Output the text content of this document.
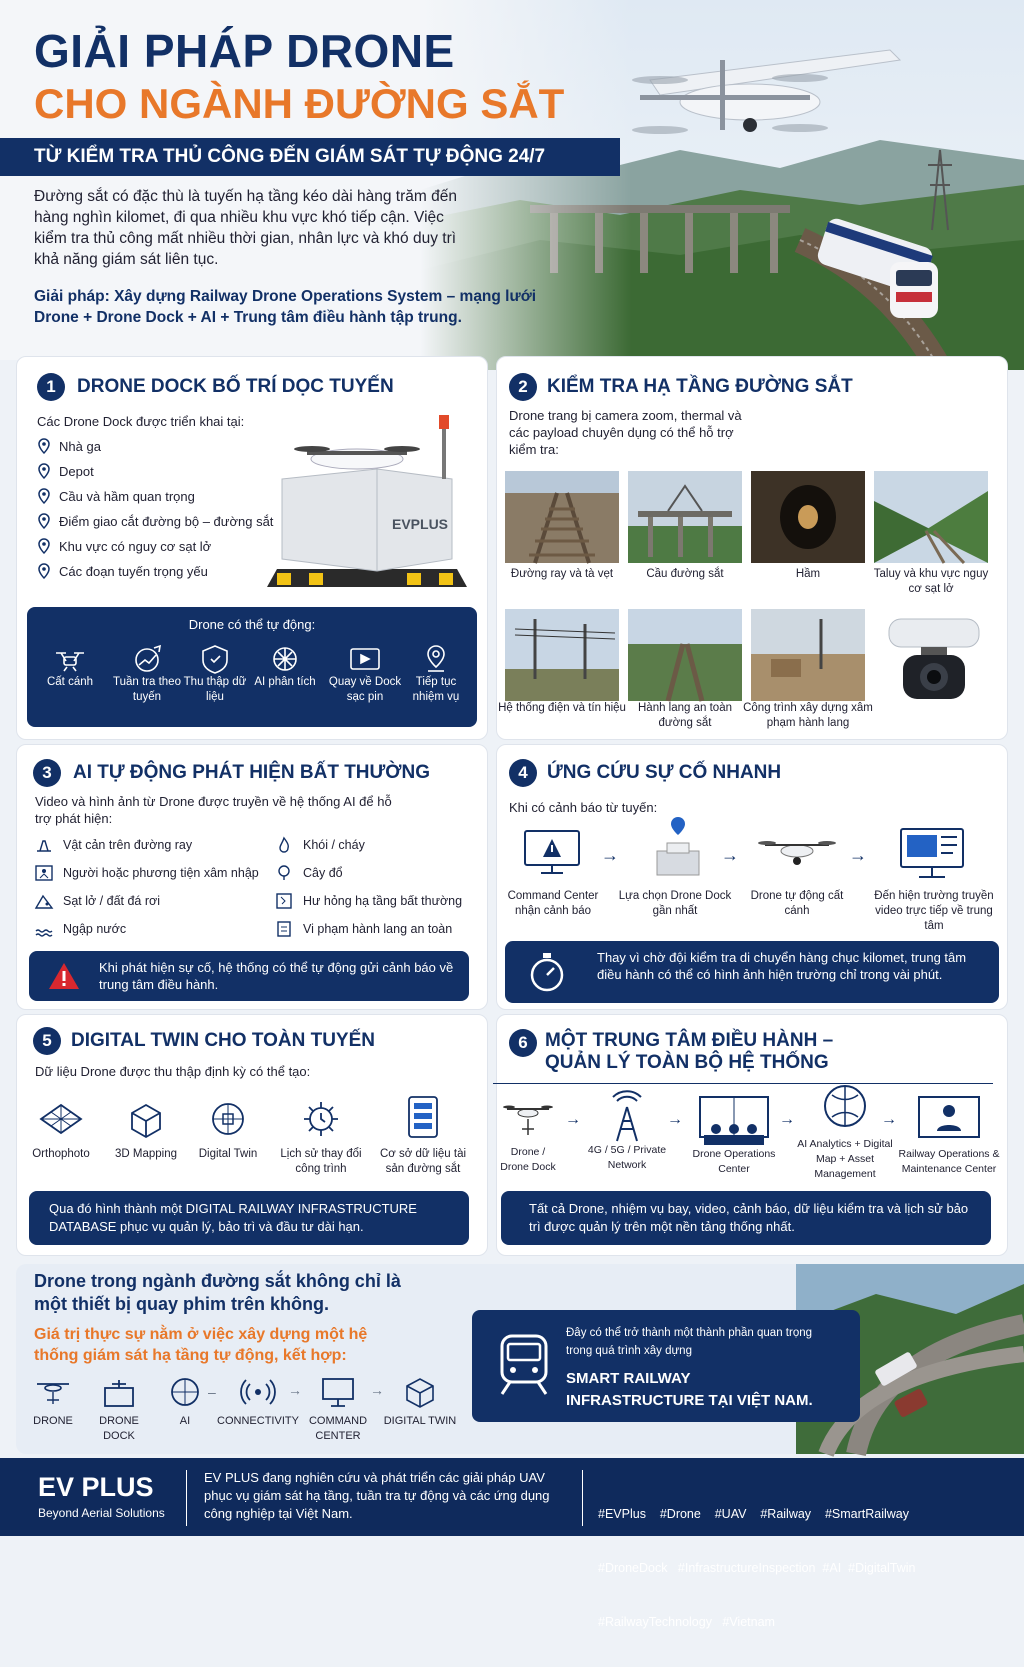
GIẢI PHÁP DRONE
CHO NGÀNH ĐƯỜNG SẮT
TỪ KIỂM TRA THỦ CÔNG ĐẾN GIÁM SÁT TỰ ĐỘNG 24/7
Đường sắt có đặc thù là tuyến hạ tầng kéo dài hàng trăm đến hàng nghìn kilomet, đi qua nhiều khu vực khó tiếp cận. Việc kiểm tra thủ công mất nhiều thời gian, nhân lực và khó duy trì khả năng giám sát liên tục.
Giải pháp: Xây dựng Railway Drone Operations System – mạng lưới Drone + Drone Dock + AI + Trung tâm điều hành tập trung.
1	DRONE DOCK BỐ TRÍ DỌC TUYẾN
Các Drone Dock được triển khai tại:
Nhà ga
Depot
Cầu và hầm quan trọng
Điểm giao cắt đường bộ – đường sắt
Khu vực có nguy cơ sạt lở
Các đoạn tuyến trọng yếu
EVPLUS
Drone có thể tự động:
Cất cánh	Tuần tra theo tuyến
Thu thập dữ liệu
AI phân tích	Quay về Dock sạc pin
Tiếp tục nhiệm vụ
2	KIỂM TRA HẠ TẦNG ĐƯỜNG SẮT
Drone trang bị camera zoom, thermal và các payload chuyên dụng có thể hỗ trợ kiểm tra:
Đường ray và tà vẹt	Cầu đường sắt	Hầm	Taluy và khu vực nguy cơ sạt lở
Hệ thống điện và tín hiệu	Hành lang an toàn đường sắt
Công trình xây dựng xâm phạm hành lang
3	AI TỰ ĐỘNG PHÁT HIỆN BẤT THƯỜNG
Video và hình ảnh từ Drone được truyền về hệ thống AI để hỗ trợ phát hiện:
Vật cản trên đường ray
Người hoặc phương tiện xâm nhập
Sạt lở / đất đá rơi
Ngập nước
Khói / cháy
Cây đổ
Hư hỏng hạ tầng bất thường
Vi phạm hành lang an toàn
Khi phát hiện sự cố, hệ thống có thể tự động gửi cảnh báo về trung tâm điều hành.
4	ỨNG CỨU SỰ CỐ NHANH
Khi có cảnh báo từ tuyến:
Command Center nhận cảnh báo
→
Lựa chọn Drone Dock gần nhất
→
Drone tự động cất cánh
→
Đến hiện trường truyền video trực tiếp về trung tâm
Thay vì chờ đội kiểm tra di chuyển hàng chục kilomet, trung tâm điều hành có thể có hình ảnh hiện trường chỉ trong vài phút.
5	DIGITAL TWIN CHO TOÀN TUYẾN
Dữ liệu Drone được thu thập định kỳ có thể tạo:
Orthophoto	3D Mapping	Digital Twin	Lịch sử thay đổi công trình
Cơ sở dữ liệu tài sản đường sắt
Qua đó hình thành một DIGITAL RAILWAY INFRASTRUCTURE DATABASE phục vụ quản lý, bảo trì và đầu tư dài hạn.
6 MỘT TRUNG TÂM ĐIỀU HÀNH –
QUẢN LÝ TOÀN BỘ HỆ THỐNG
Drone / Drone Dock
→
4G / 5G / Private Network
→
Drone Operations Center
→
AI Analytics + Digital Map + Asset Management
→
Railway Operations & Maintenance Center
Tất cả Drone, nhiệm vụ bay, video, cảnh báo, dữ liệu kiểm tra và lịch sử bảo trì được quản lý trên một nền tảng thống nhất.
Drone trong ngành đường sắt không chỉ là một thiết bị quay phim trên không.
Giá trị thực sự nằm ở việc xây dựng một hệ thống giám sát hạ tầng tự động, kết hợp:
DRONE	DRONE DOCK
AI
–
CONNECTIVITY
→
COMMAND CENTER
→
DIGITAL TWIN
Đây có thể trở thành một thành phần quan trọng trong quá trình xây dựng
SMART RAILWAY INFRASTRUCTURE TẠI VIỆT NAM.
EV PLUS
Beyond Aerial Solutions
EV PLUS đang nghiên cứu và phát triển các giải pháp UAV phục vụ giám sát hạ tầng, tuần tra tự động và các ứng dụng công nghiệp tại Việt Nam.

	#EVPlus    #Drone    #UAV    #Railway    #SmartRailway

#DroneDock   #InfrastructureInspection  #AI  #DigitalTwin

#RailwayTechnology   #Vietnam
